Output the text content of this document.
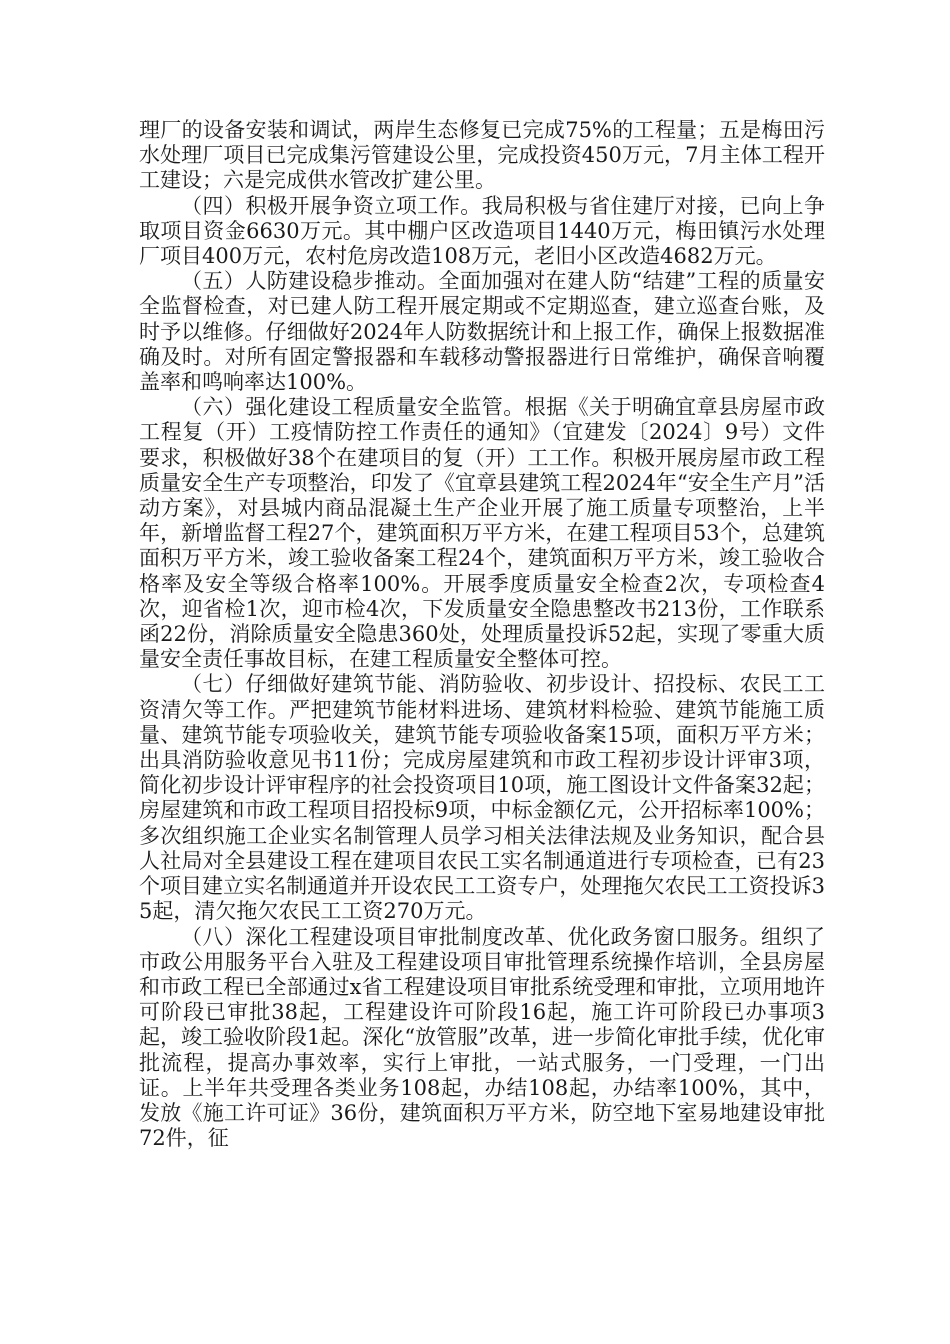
理厂的设备安装和调试，两岸生态修复已完成75%的工程量；五是梅田污水处理厂项目已完成集污管建设公里，完成投资450万元，7月主体工程开工建设；六是完成供水管改扩建公里。

（四）积极开展争资立项工作。我局积极与省住建厅对接，已向上争取项目资金6630万元。其中棚户区改造项目1440万元，梅田镇污水处理厂项目400万元，农村危房改造108万元，老旧小区改造4682万元。

（五）人防建设稳步推动。全面加强对在建人防“结建”工程的质量安全监督检查，对已建人防工程开展定期或不定期巡查，建立巡查台账，及时予以维修。仔细做好2024年人防数据统计和上报工作，确保上报数据准确及时。对所有固定警报器和车载移动警报器进行日常维护，确保音响覆盖率和鸣响率达100%。

（六）强化建设工程质量安全监管。根据《关于明确宜章县房屋市政工程复（开）工疫情防控工作责任的通知》（宜建发〔2024〕9号）文件要求，积极做好38个在建项目的复（开）工工作。积极开展房屋市政工程质量安全生产专项整治，印发了《宜章县建筑工程2024年“安全生产月”活动方案》，对县城内商品混凝土生产企业开展了施工质量专项整治，上半年，新增监督工程27个，建筑面积万平方米，在建工程项目53个，总建筑面积万平方米，竣工验收备案工程24个，建筑面积万平方米，竣工验收合格率及安全等级合格率100%。开展季度质量安全检查2次，专项检查4次，迎省检1次，迎市检4次，下发质量安全隐患整改书213份，工作联系函22份，消除质量安全隐患360处，处理质量投诉52起，实现了零重大质量安全责任事故目标，在建工程质量安全整体可控。

（七）仔细做好建筑节能、消防验收、初步设计、招投标、农民工工资清欠等工作。严把建筑节能材料进场、建筑材料检验、建筑节能施工质量、建筑节能专项验收关，建筑节能专项验收备案15项，面积万平方米；出具消防验收意见书11份；完成房屋建筑和市政工程初步设计评审3项，简化初步设计评审程序的社会投资项目10项，施工图设计文件备案32起；房屋建筑和市政工程项目招投标9项，中标金额亿元，公开招标率100%；多次组织施工企业实名制管理人员学习相关法律法规及业务知识，配合县人社局对全县建设工程在建项目农民工实名制通道进行专项检查，已有23个项目建立实名制通道并开设农民工工资专户，处理拖欠农民工工资投诉35起，清欠拖欠农民工工资270万元。

（八）深化工程建设项目审批制度改革、优化政务窗口服务。组织了市政公用服务平台入驻及工程建设项目审批管理系统操作培训，全县房屋和市政工程已全部通过x省工程建设项目审批系统受理和审批，立项用地许可阶段已审批38起，工程建设许可阶段16起，施工许可阶段已办事项3起，竣工验收阶段1起。深化“放管服”改革，进一步简化审批手续，优化审批流程，提高办事效率，实行上审批，一站式服务，一门受理，一门出证。上半年共受理各类业务108起，办结108起，办结率100%，其中，发放《施工许可证》36份，建筑面积万平方米，防空地下室易地建设审批72件，征
